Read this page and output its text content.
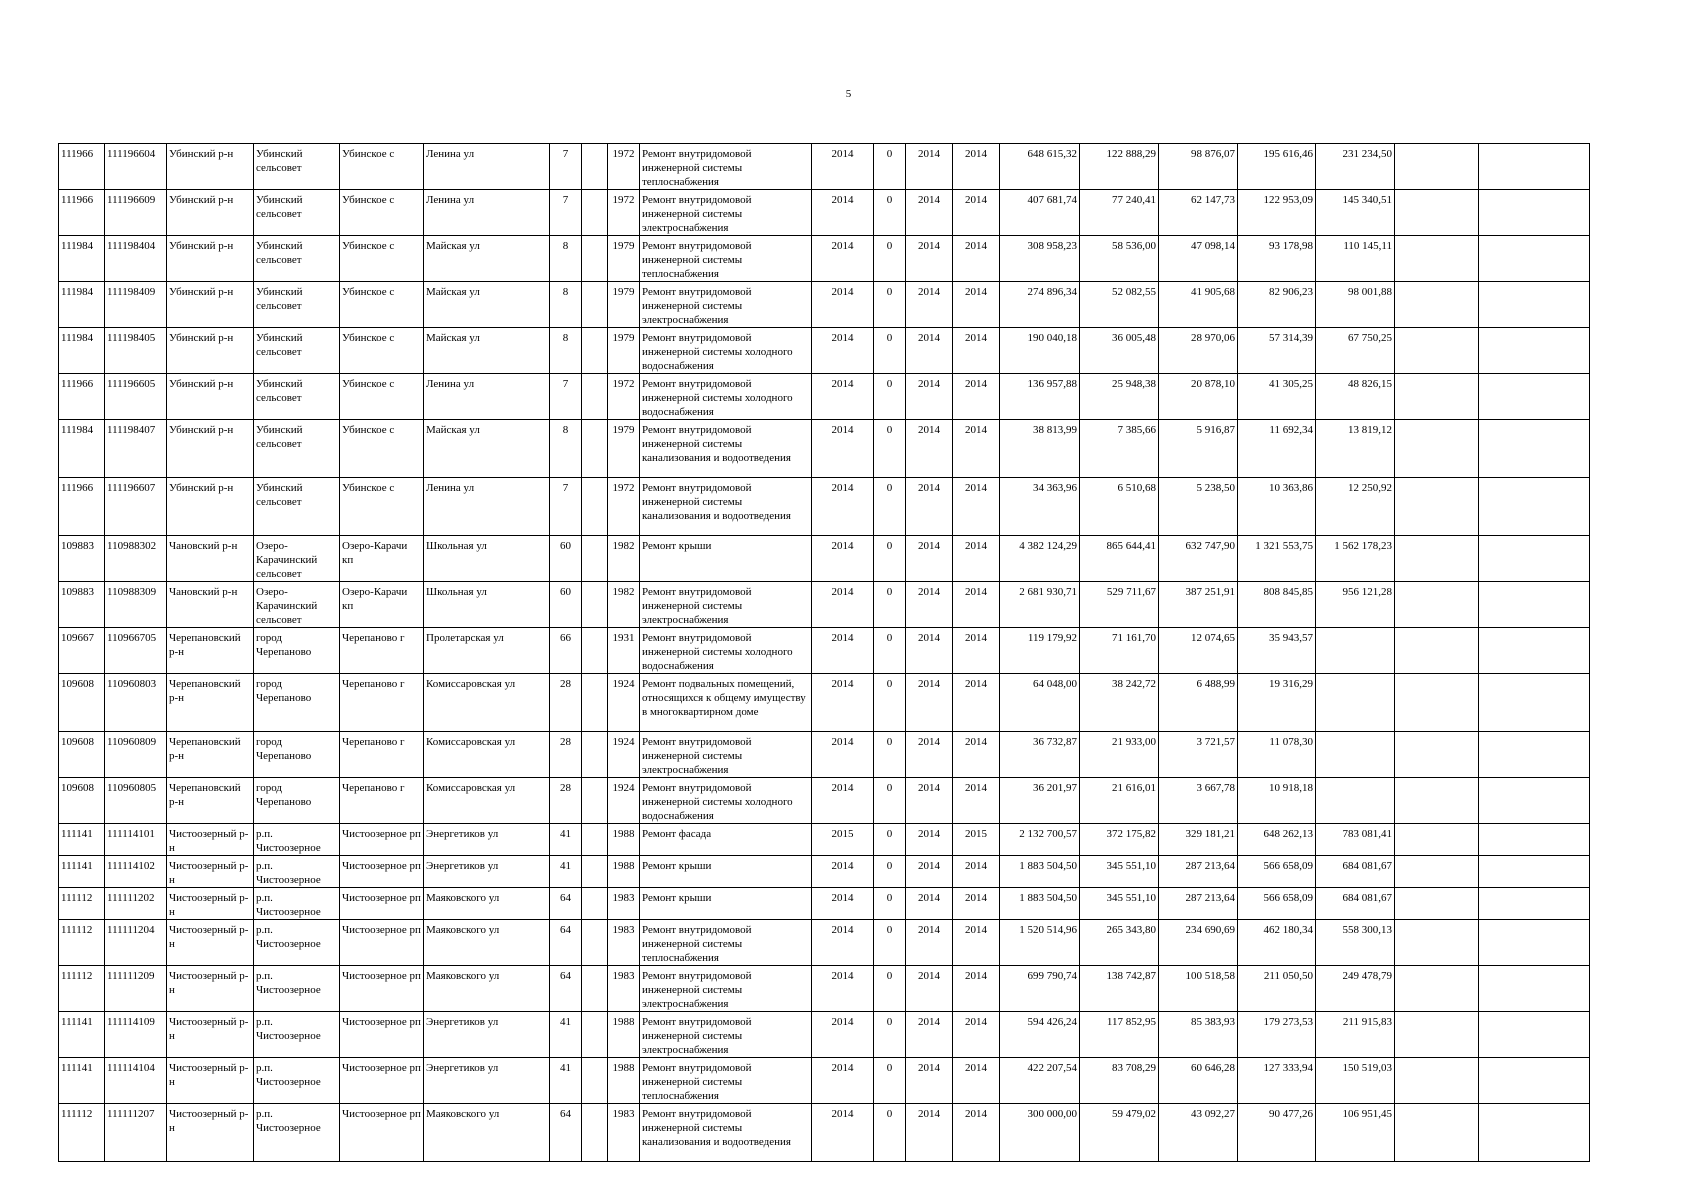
5
111966	111196604	Убинский р-н	Убинский сельсовет	Убинское с	Ленина ул	7		1972	Ремонт внутридомовой инженерной системы теплоснабжения	2014	0	2014	2014	648 615,32	122 888,29	98 876,07	195 616,46	231 234,50		
111966	111196609	Убинский р-н	Убинский сельсовет	Убинское с	Ленина ул	7		1972	Ремонт внутридомовой инженерной системы электроснабжения	2014	0	2014	2014	407 681,74	77 240,41	62 147,73	122 953,09	145 340,51		
111984	111198404	Убинский р-н	Убинский сельсовет	Убинское с	Майская ул	8		1979	Ремонт внутридомовой инженерной системы теплоснабжения	2014	0	2014	2014	308 958,23	58 536,00	47 098,14	93 178,98	110 145,11		
111984	111198409	Убинский р-н	Убинский сельсовет	Убинское с	Майская ул	8		1979	Ремонт внутридомовой инженерной системы электроснабжения	2014	0	2014	2014	274 896,34	52 082,55	41 905,68	82 906,23	98 001,88		
111984	111198405	Убинский р-н	Убинский сельсовет	Убинское с	Майская ул	8		1979	Ремонт внутридомовой инженерной системы холодного водоснабжения	2014	0	2014	2014	190 040,18	36 005,48	28 970,06	57 314,39	67 750,25		
111966	111196605	Убинский р-н	Убинский сельсовет	Убинское с	Ленина ул	7		1972	Ремонт внутридомовой инженерной системы холодного водоснабжения	2014	0	2014	2014	136 957,88	25 948,38	20 878,10	41 305,25	48 826,15		
111984	111198407	Убинский р-н	Убинский сельсовет	Убинское с	Майская ул	8		1979	Ремонт внутридомовой инженерной системы канализования и водоотведения	2014	0	2014	2014	38 813,99	7 385,66	5 916,87	11 692,34	13 819,12		
111966	111196607	Убинский р-н	Убинский сельсовет	Убинское с	Ленина ул	7		1972	Ремонт внутридомовой инженерной системы канализования и водоотведения	2014	0	2014	2014	34 363,96	6 510,68	5 238,50	10 363,86	12 250,92		
109883	110988302	Чановский р-н	Озеро-Карачинский сельсовет	Озеро-Карачи кп	Школьная ул	60		1982	Ремонт крыши	2014	0	2014	2014	4 382 124,29	865 644,41	632 747,90	1 321 553,75	1 562 178,23		
109883	110988309	Чановский р-н	Озеро-Карачинский сельсовет	Озеро-Карачи кп	Школьная ул	60		1982	Ремонт внутридомовой инженерной системы электроснабжения	2014	0	2014	2014	2 681 930,71	529 711,67	387 251,91	808 845,85	956 121,28		
109667	110966705	Черепановский р-н	город Черепаново	Черепаново г	Пролетарская ул	66		1931	Ремонт внутридомовой инженерной системы холодного водоснабжения	2014	0	2014	2014	119 179,92	71 161,70	12 074,65	35 943,57			
109608	110960803	Черепановский р-н	город Черепаново	Черепаново г	Комиссаровская ул	28		1924	Ремонт подвальных помещений, относящихся к общему имуществу в многоквартирном доме	2014	0	2014	2014	64 048,00	38 242,72	6 488,99	19 316,29			
109608	110960809	Черепановский р-н	город Черепаново	Черепаново г	Комиссаровская ул	28		1924	Ремонт внутридомовой инженерной системы электроснабжения	2014	0	2014	2014	36 732,87	21 933,00	3 721,57	11 078,30			
109608	110960805	Черепановский р-н	город Черепаново	Черепаново г	Комиссаровская ул	28		1924	Ремонт внутридомовой инженерной системы холодного водоснабжения	2014	0	2014	2014	36 201,97	21 616,01	3 667,78	10 918,18			
111141	111114101	Чистоозерный р-н	р.п. Чистоозерное	Чистоозерное рп	Энергетиков ул	41		1988	Ремонт фасада	2015	0	2014	2015	2 132 700,57	372 175,82	329 181,21	648 262,13	783 081,41		
111141	111114102	Чистоозерный р-н	р.п. Чистоозерное	Чистоозерное рп	Энергетиков ул	41		1988	Ремонт крыши	2014	0	2014	2014	1 883 504,50	345 551,10	287 213,64	566 658,09	684 081,67		
111112	111111202	Чистоозерный р-н	р.п. Чистоозерное	Чистоозерное рп	Маяковского ул	64		1983	Ремонт крыши	2014	0	2014	2014	1 883 504,50	345 551,10	287 213,64	566 658,09	684 081,67		
111112	111111204	Чистоозерный р-н	р.п. Чистоозерное	Чистоозерное рп	Маяковского ул	64		1983	Ремонт внутридомовой инженерной системы теплоснабжения	2014	0	2014	2014	1 520 514,96	265 343,80	234 690,69	462 180,34	558 300,13		
111112	111111209	Чистоозерный р-н	р.п. Чистоозерное	Чистоозерное рп	Маяковского ул	64		1983	Ремонт внутридомовой инженерной системы электроснабжения	2014	0	2014	2014	699 790,74	138 742,87	100 518,58	211 050,50	249 478,79		
111141	111114109	Чистоозерный р-н	р.п. Чистоозерное	Чистоозерное рп	Энергетиков ул	41		1988	Ремонт внутридомовой инженерной системы электроснабжения	2014	0	2014	2014	594 426,24	117 852,95	85 383,93	179 273,53	211 915,83		
111141	111114104	Чистоозерный р-н	р.п. Чистоозерное	Чистоозерное рп	Энергетиков ул	41		1988	Ремонт внутридомовой инженерной системы теплоснабжения	2014	0	2014	2014	422 207,54	83 708,29	60 646,28	127 333,94	150 519,03		
111112	111111207	Чистоозерный р-н	р.п. Чистоозерное	Чистоозерное рп	Маяковского ул	64		1983	Ремонт внутридомовой инженерной системы канализования и водоотведения	2014	0	2014	2014	300 000,00	59 479,02	43 092,27	90 477,26	106 951,45		
